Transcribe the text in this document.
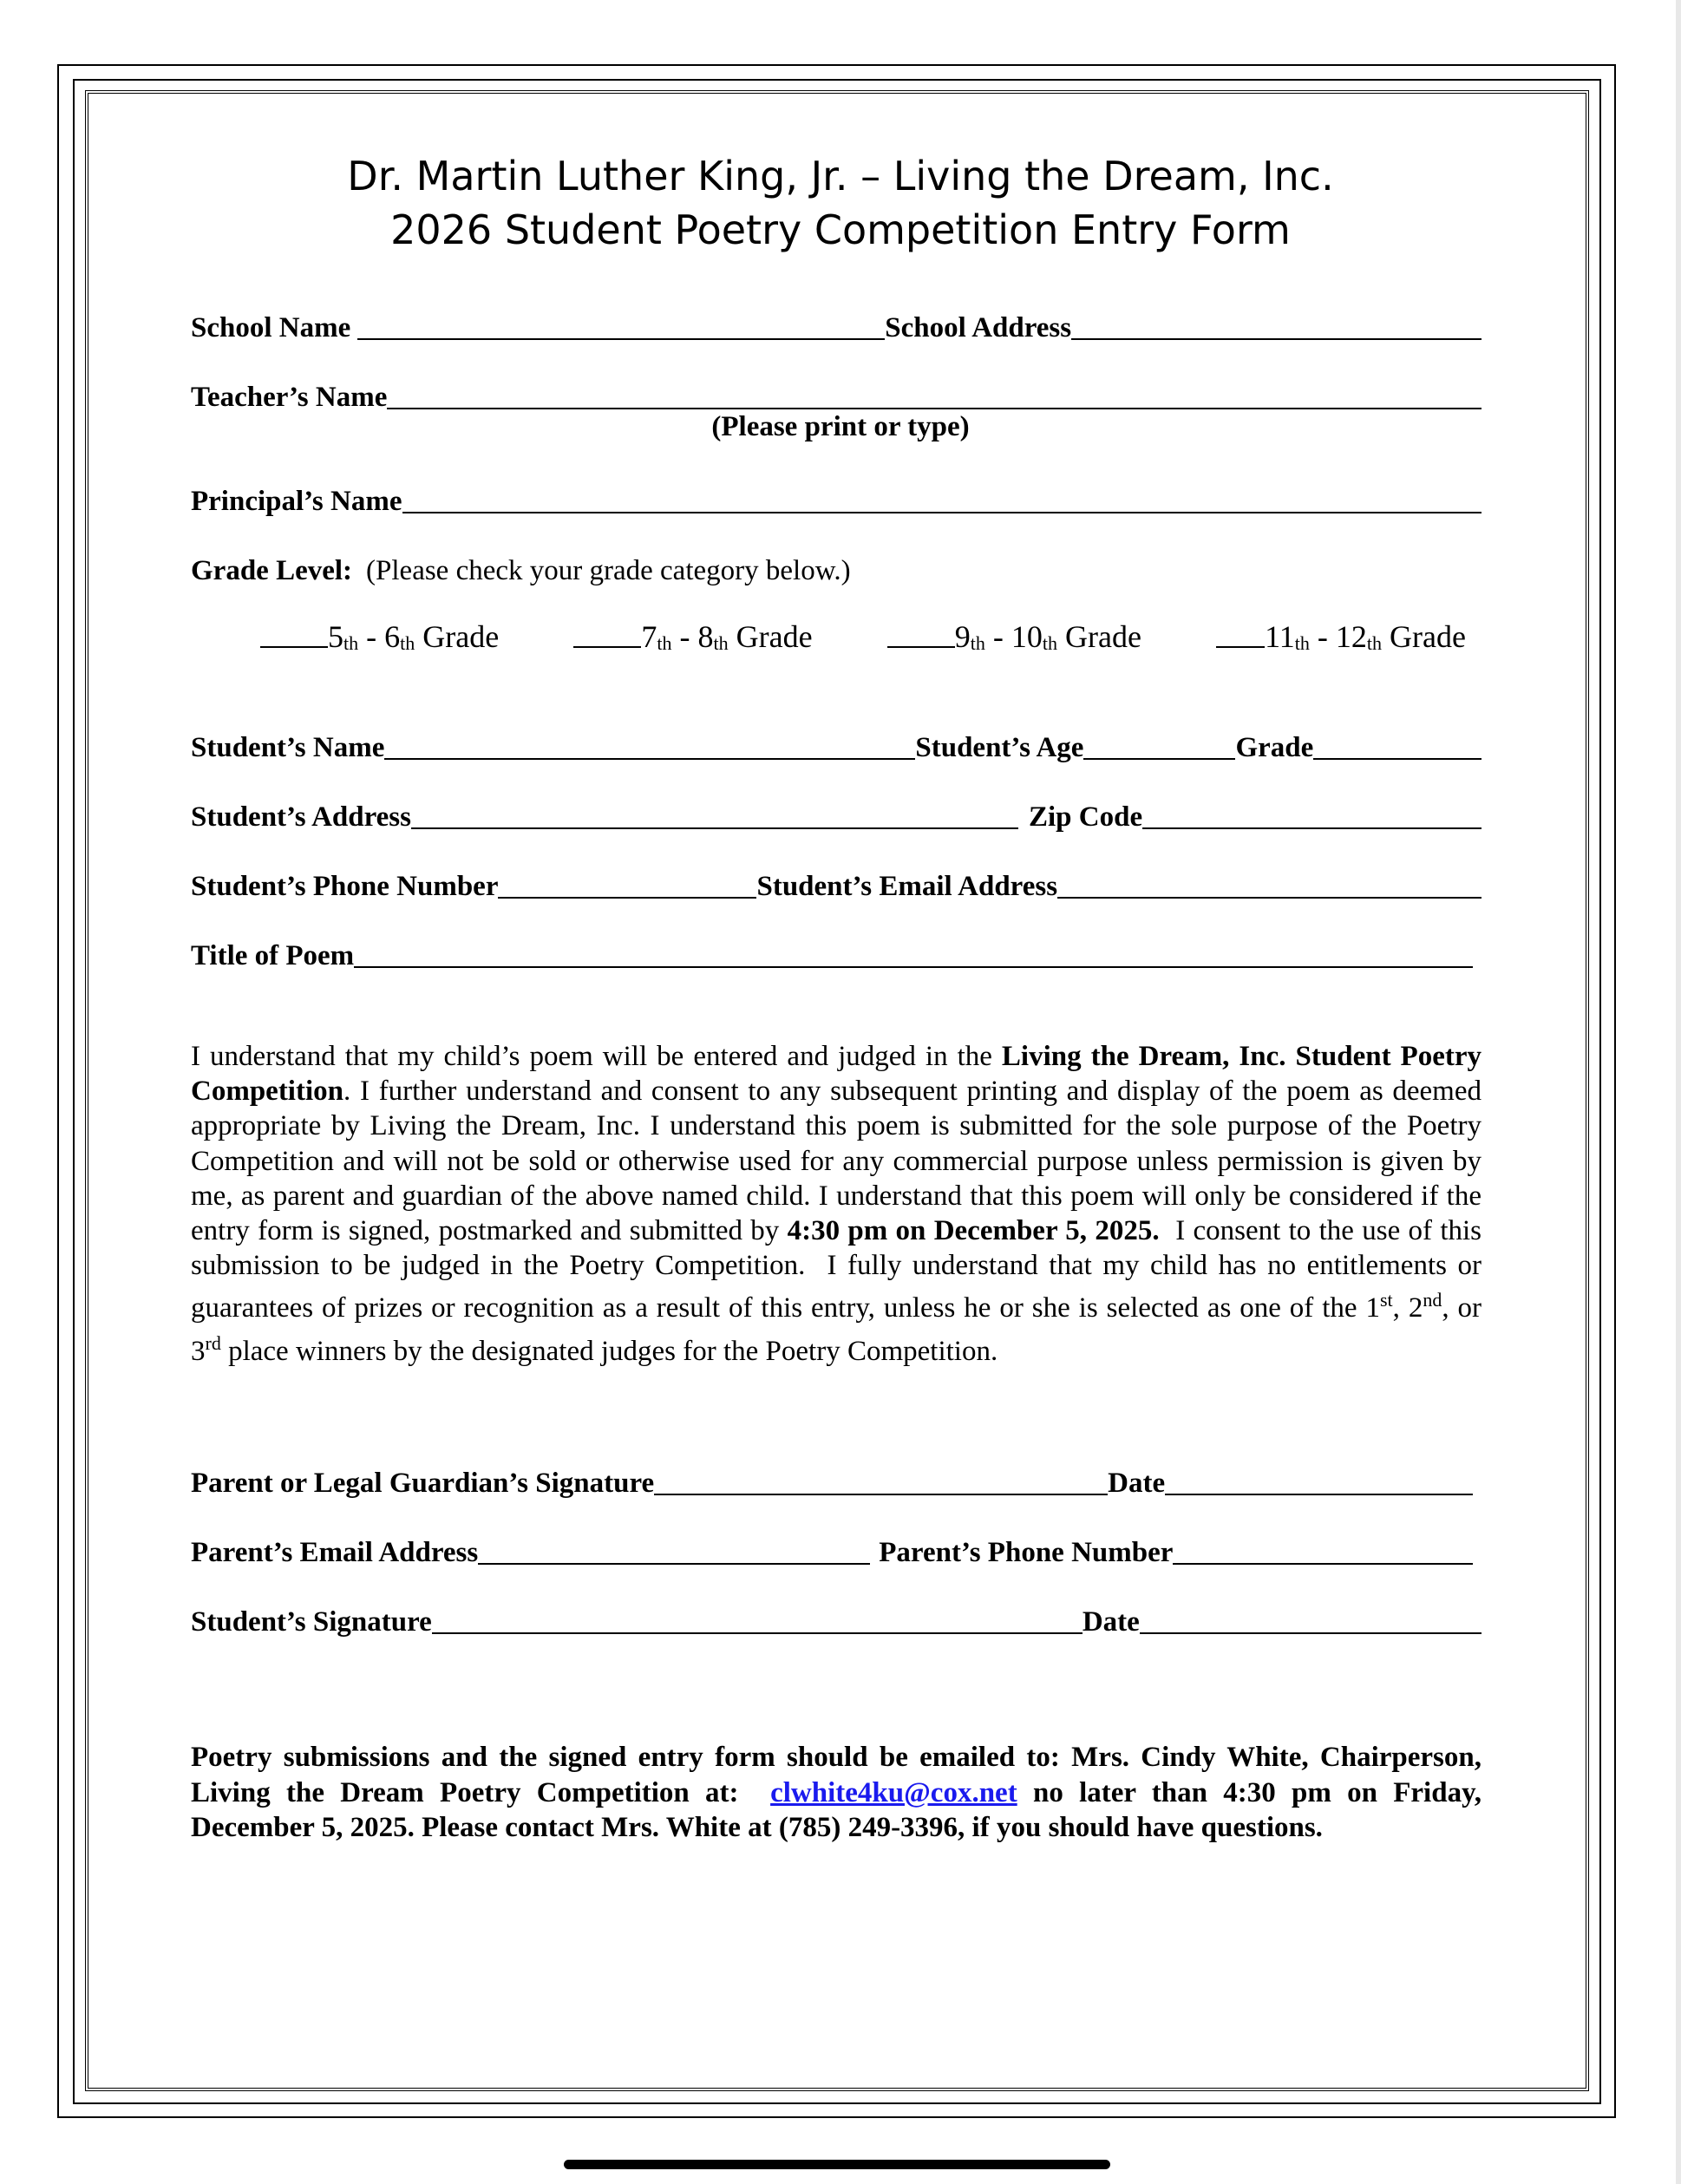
Dr. Martin Luther King, Jr. – Living the Dream, Inc.
2026 Student Poetry Competition Entry Form
School Name	School Address
Teacher’s Name
(Please print or type)
Principal’s Name
Grade Level: (Please check your grade category below.)
$5_{th} - 6_{th}$ Grade	$7_{th} - 8_{th}$ Grade	$9_{th} - 10_{th}$ Grade	$11_{th} - 12_{th}$ Grade
Student’s Name	Student’s Age	Grade
Student’s Address	Zip Code
Student’s Phone Number	Student’s Email Address
Title of Poem
I understand that my child’s poem will be entered and judged in the Living the Dream, Inc. Student Poetry Competition. I further understand and consent to any subsequent printing and display of the poem as deemed appropriate by Living the Dream, Inc. I understand this poem is submitted for the sole purpose of the Poetry Competition and will not be sold or otherwise used for any commercial purpose unless permission is given by me, as parent and guardian of the above named child. I understand that this poem will only be considered if the entry form is signed, postmarked and submitted by 4:30 pm on December 5, 2025.  I consent to the use of this submission to be judged in the Poetry Competition.  I fully understand that my child has no entitlements or guarantees of prizes or recognition as a result of this entry, unless he or she is selected as one of the 1st, 2nd, or 3rd place winners by the designated judges for the Poetry Competition.
Parent or Legal Guardian’s Signature	Date
Parent’s Email Address	Parent’s Phone Number
Student’s Signature	Date
Poetry submissions and the signed entry form should be emailed to: Mrs. Cindy White, Chairperson, Living the Dream Poetry Competition at:  clwhite4ku@cox.net no later than 4:30 pm on Friday, December 5, 2025. Please contact Mrs. White at (785) 249-3396, if you should have questions.
